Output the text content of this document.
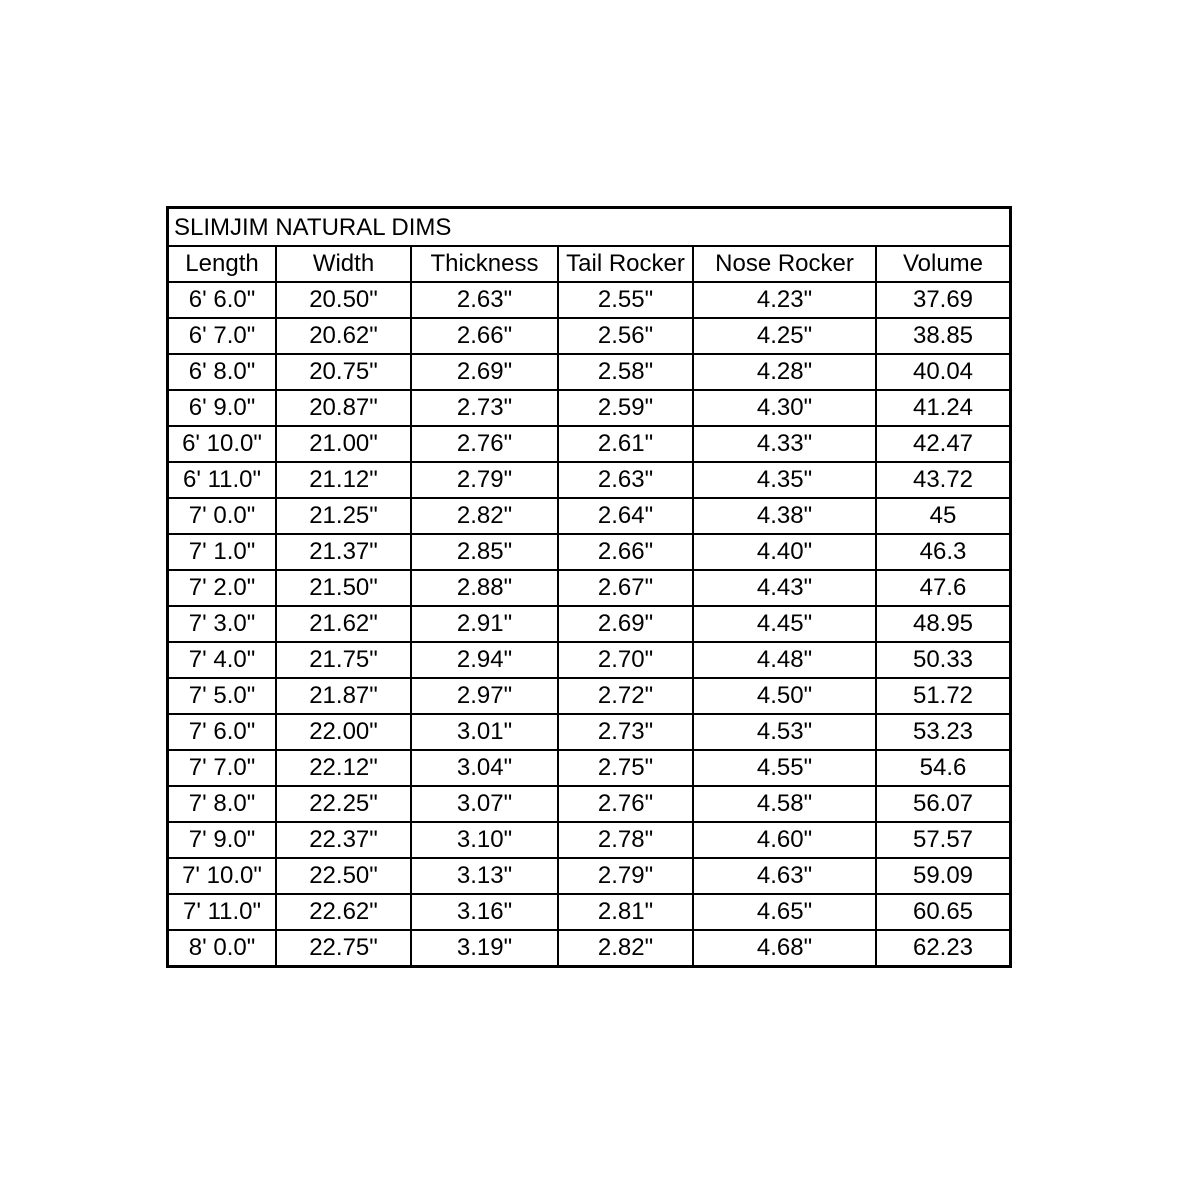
SLIMJIM NATURAL DIMS
Length	Width	Thickness	Tail Rocker	Nose Rocker	Volume
6' 6.0"	20.50"	2.63"	2.55"	4.23"	37.69
6' 7.0"	20.62"	2.66"	2.56"	4.25"	38.85
6' 8.0"	20.75"	2.69"	2.58"	4.28"	40.04
6' 9.0"	20.87"	2.73"	2.59"	4.30"	41.24
6' 10.0"	21.00"	2.76"	2.61"	4.33"	42.47
6' 11.0"	21.12"	2.79"	2.63"	4.35"	43.72
7' 0.0"	21.25"	2.82"	2.64"	4.38"	45
7' 1.0"	21.37"	2.85"	2.66"	4.40"	46.3
7' 2.0"	21.50"	2.88"	2.67"	4.43"	47.6
7' 3.0"	21.62"	2.91"	2.69"	4.45"	48.95
7' 4.0"	21.75"	2.94"	2.70"	4.48"	50.33
7' 5.0"	21.87"	2.97"	2.72"	4.50"	51.72
7' 6.0"	22.00"	3.01"	2.73"	4.53"	53.23
7' 7.0"	22.12"	3.04"	2.75"	4.55"	54.6
7' 8.0"	22.25"	3.07"	2.76"	4.58"	56.07
7' 9.0"	22.37"	3.10"	2.78"	4.60"	57.57
7' 10.0"	22.50"	3.13"	2.79"	4.63"	59.09
7' 11.0"	22.62"	3.16"	2.81"	4.65"	60.65
8' 0.0"	22.75"	3.19"	2.82"	4.68"	62.23
